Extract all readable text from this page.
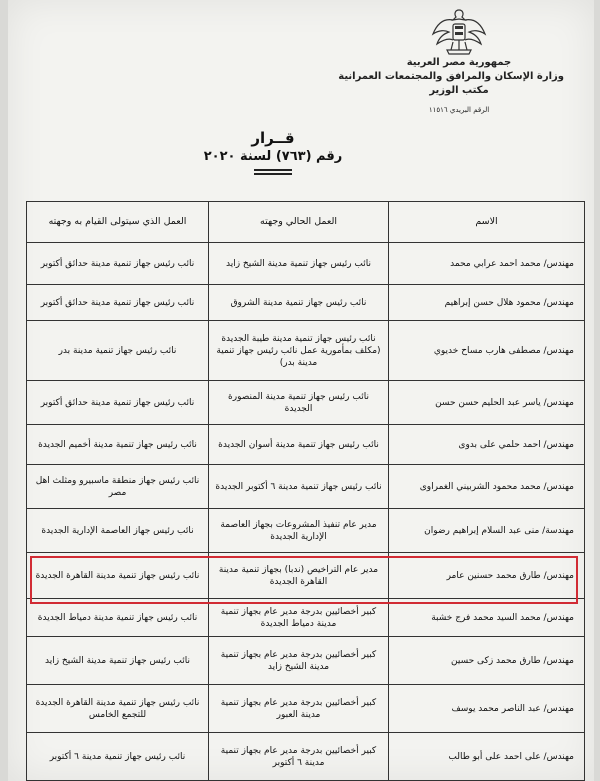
جمهورية مصر العربية
وزارة الإسكان والمرافق والمجتمعات العمرانية
مكتب الوزير
الرقم البريدي ١١٥١٦
قــرار
رقم (٧٦٣) لسنة ٢٠٢٠
الاسم	العمل الحالي وجهته	العمل الذي سيتولى القيام به وجهته
مهندس/ محمد احمد عرابي محمد	نائب رئيس جهاز تنمية مدينة الشيخ زايد	نائب رئيس جهاز تنمية مدينة حدائق أكتوبر
مهندس/ محمود هلال حسن إبراهيم	نائب رئيس جهاز تنمية مدينة الشروق	نائب رئيس جهاز تنمية مدينة حدائق أكتوبر
مهندس/ مصطفى هارب مساح خديوي	نائب رئيس جهاز تنمية مدينة طيبة الجديدة (مكلف بمأمورية عمل نائب رئيس جهاز تنمية مدينة بدر)	نائب رئيس جهاز تنمية مدينة بدر
مهندس/ ياسر عبد الحليم حسن حسن	نائب رئيس جهاز تنمية مدينة المنصورة الجديدة	نائب رئيس جهاز تنمية مدينة حدائق أكتوبر
مهندس/ احمد حلمي على بدوى	نائب رئيس جهاز تنمية مدينة أسوان الجديدة	نائب رئيس جهاز تنمية مدينة أخميم الجديدة
مهندس/ محمد محمود الشربيني الغمراوى	نائب رئيس جهاز تنمية مدينة ٦ أكتوبر الجديدة	نائب رئيس جهاز منطقة ماسبيرو ومثلث اهل مصر
مهندسة/ منى عبد السلام إبراهيم رضوان	مدير عام تنفيذ المشروعات بجهاز العاصمة الإدارية الجديدة	نائب رئيس جهاز العاصمة الإدارية الجديدة
مهندس/ طارق محمد حسنين عامر	مدير عام التراخيص (ندبا) بجهاز تنمية مدينة القاهرة الجديدة	نائب رئيس جهاز تنمية مدينة القاهرة الجديدة
مهندس/ محمد السيد محمد فرج خشبة	كبير أخصائيين بدرجة مدير عام بجهاز تنمية مدينة دمياط الجديدة	نائب رئيس جهاز تنمية مدينة دمياط الجديدة
مهندس/ طارق محمد زكى حسين	كبير أخصائيين بدرجة مدير عام بجهاز تنمية مدينة الشيخ زايد	نائب رئيس جهاز تنمية مدينة الشيخ زايد
مهندس/ عبد الناصر محمد يوسف	كبير أخصائيين بدرجة مدير عام بجهاز تنمية مدينة العبور	نائب رئيس جهاز تنمية مدينة القاهرة الجديدة للتجمع الخامس
مهندس/ على احمد على أبو طالب	كبير أخصائيين بدرجة مدير عام بجهاز تنمية مدينة ٦ أكتوبر	نائب رئيس جهاز تنمية مدينة ٦ أكتوبر
